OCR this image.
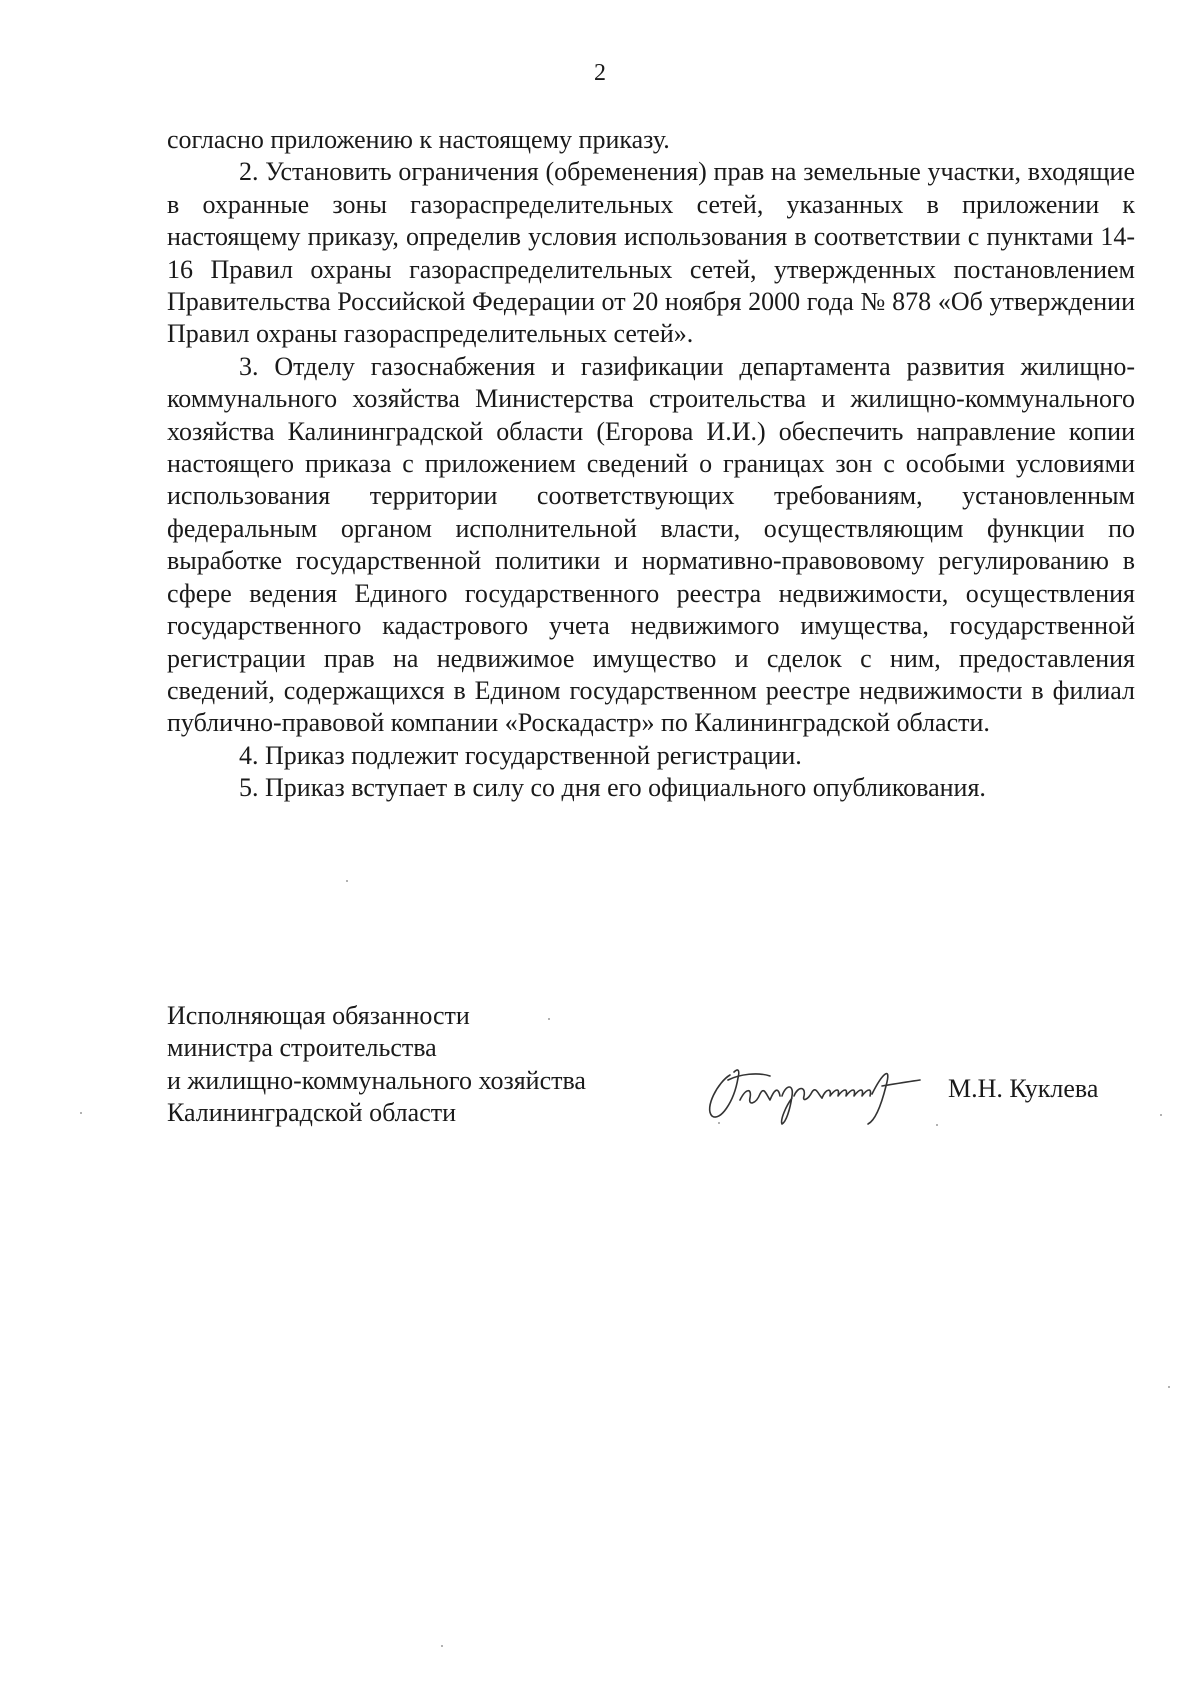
2

согласно приложению к настоящему приказу.

2. Установить ограничения (обременения) прав на земельные участки, входящие в охранные зоны газораспределительных сетей, указанных в приложении к настоящему приказу, определив условия использования в соответствии с пунктами 14-16 Правил охраны газораспределительных сетей, утвержденных постановлением Правительства Российской Федерации от 20 ноября 2000 года № 878 «Об утверждении Правил охраны газораспределительных сетей».

3. Отделу газоснабжения и газификации департамента развития жилищно-коммунального хозяйства Министерства строительства и жилищно-коммунального хозяйства Калининградской области (Егорова И.И.) обеспечить направление копии настоящего приказа с приложением сведений о границах зон с особыми условиями использования территории соответствующих требованиям, установленным федеральным органом исполнительной власти, осуществляющим функции по выработке государственной политики и нормативно-правововому регулированию в сфере ведения Единого государственного реестра недвижимости, осуществления государственного кадастрового учета недвижимого имущества, государственной регистрации прав на недвижимое имущество и сделок с ним, предоставления сведений, содержащихся в Едином государственном реестре недвижимости в филиал публично-правовой компании «Роскадастр» по Калининградской области.

4. Приказ подлежит государственной регистрации.

5. Приказ вступает в силу со дня его официального опубликования.

Исполняющая обязанности
министра строительства
и жилищно-коммунального хозяйства
Калининградской области
М.Н. Куклева
